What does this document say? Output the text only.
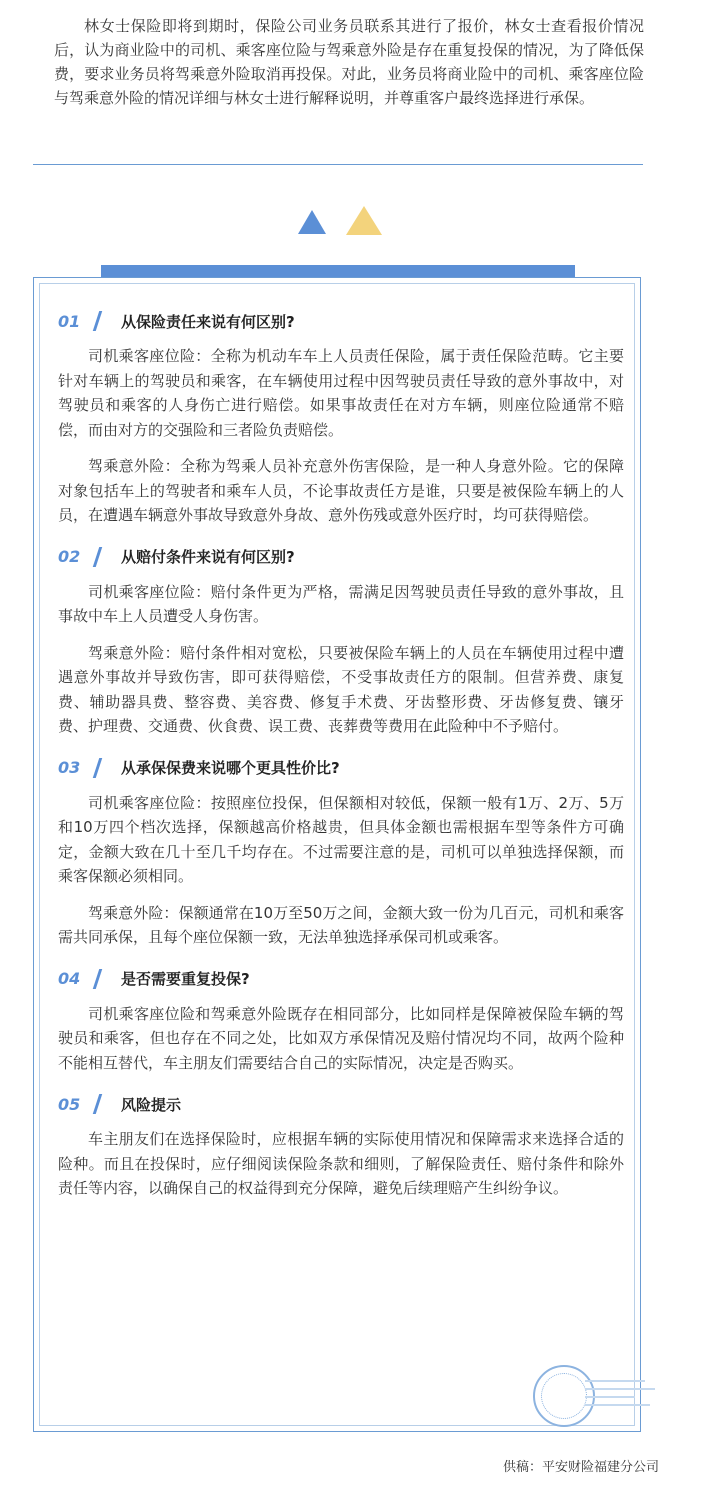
林女士保险即将到期时，保险公司业务员联系其进行了报价，林女士查看报价情况后，认为商业险中的司机、乘客座位险与驾乘意外险是存在重复投保的情况，为了降低保费，要求业务员将驾乘意外险取消再投保。对此，业务员将商业险中的司机、乘客座位险与驾乘意外险的情况详细与林女士进行解释说明，并尊重客户最终选择进行承保。

01	从保险责任来说有何区别?

司机乘客座位险：全称为机动车车上人员责任保险，属于责任保险范畴。它主要针对车辆上的驾驶员和乘客，在车辆使用过程中因驾驶员责任导致的意外事故中，对驾驶员和乘客的人身伤亡进行赔偿。如果事故责任在对方车辆，则座位险通常不赔偿，而由对方的交强险和三者险负责赔偿。

驾乘意外险：全称为驾乘人员补充意外伤害保险，是一种人身意外险。它的保障对象包括车上的驾驶者和乘车人员，不论事故责任方是谁，只要是被保险车辆上的人员，在遭遇车辆意外事故导致意外身故、意外伤残或意外医疗时，均可获得赔偿。

02	从赔付条件来说有何区别?

司机乘客座位险：赔付条件更为严格，需满足因驾驶员责任导致的意外事故，且事故中车上人员遭受人身伤害。

驾乘意外险：赔付条件相对宽松，只要被保险车辆上的人员在车辆使用过程中遭遇意外事故并导致伤害，即可获得赔偿，不受事故责任方的限制。但营养费、康复费、辅助器具费、整容费、美容费、修复手术费、牙齿整形费、牙齿修复费、镶牙费、护理费、交通费、伙食费、误工费、丧葬费等费用在此险种中不予赔付。

03	从承保保费来说哪个更具性价比?

司机乘客座位险：按照座位投保，但保额相对较低，保额一般有1万、2万、5万和10万四个档次选择，保额越高价格越贵，但具体金额也需根据车型等条件方可确定，金额大致在几十至几千均存在。不过需要注意的是，司机可以单独选择保额，而乘客保额必须相同。

驾乘意外险：保额通常在10万至50万之间，金额大致一份为几百元，司机和乘客需共同承保，且每个座位保额一致，无法单独选择承保司机或乘客。

04	是否需要重复投保?

司机乘客座位险和驾乘意外险既存在相同部分，比如同样是保障被保险车辆的驾驶员和乘客，但也存在不同之处，比如双方承保情况及赔付情况均不同，故两个险种不能相互替代，车主朋友们需要结合自己的实际情况，决定是否购买。

05	风险提示

车主朋友们在选择保险时，应根据车辆的实际使用情况和保障需求来选择合适的险种。而且在投保时，应仔细阅读保险条款和细则，了解保险责任、赔付条件和除外责任等内容，以确保自己的权益得到充分保障，避免后续理赔产生纠纷争议。

供稿：平安财险福建分公司
